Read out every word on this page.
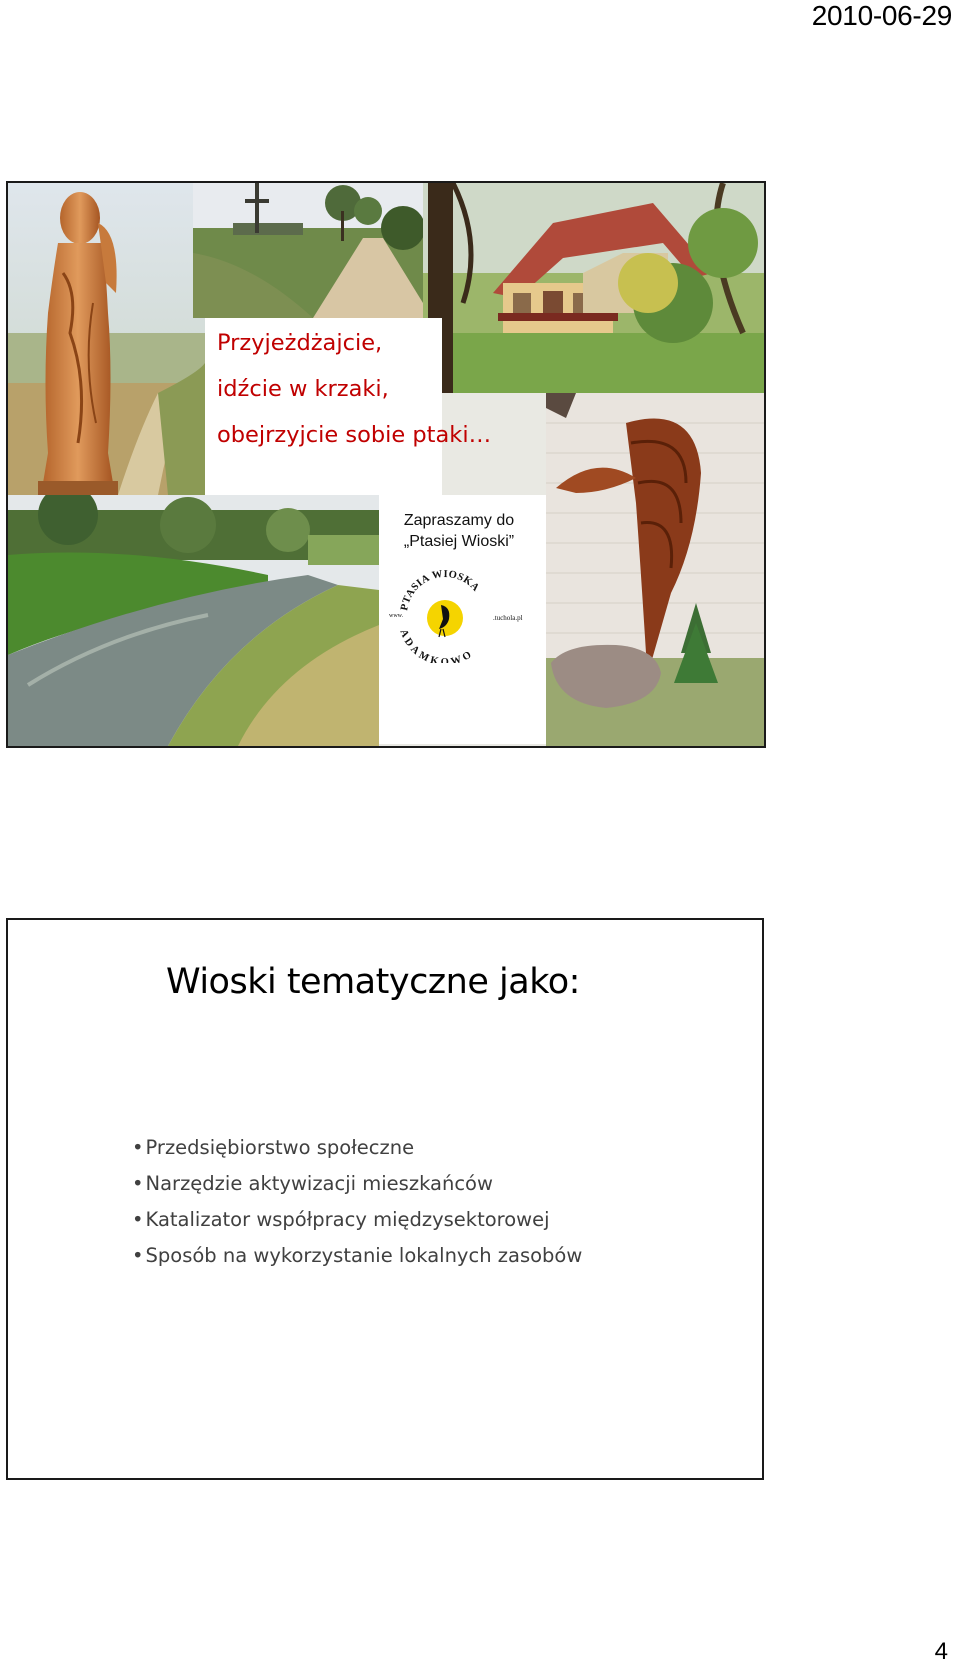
2010-06-29
Przyjeżdżajcie,
idźcie w krzaki,
obejrzyjcie sobie ptaki…
Zapraszamy do
„Ptasiej Wioski”
PTASIA WIOSKA
ADAMKOWO
www.	.tuchola.pl
Wioski tematyczne jako:
• Przedsiębiorstwo społeczne
• Narzędzie aktywizacji mieszkańców
• Katalizator współpracy międzysektorowej
• Sposób na wykorzystanie lokalnych zasobów
4
